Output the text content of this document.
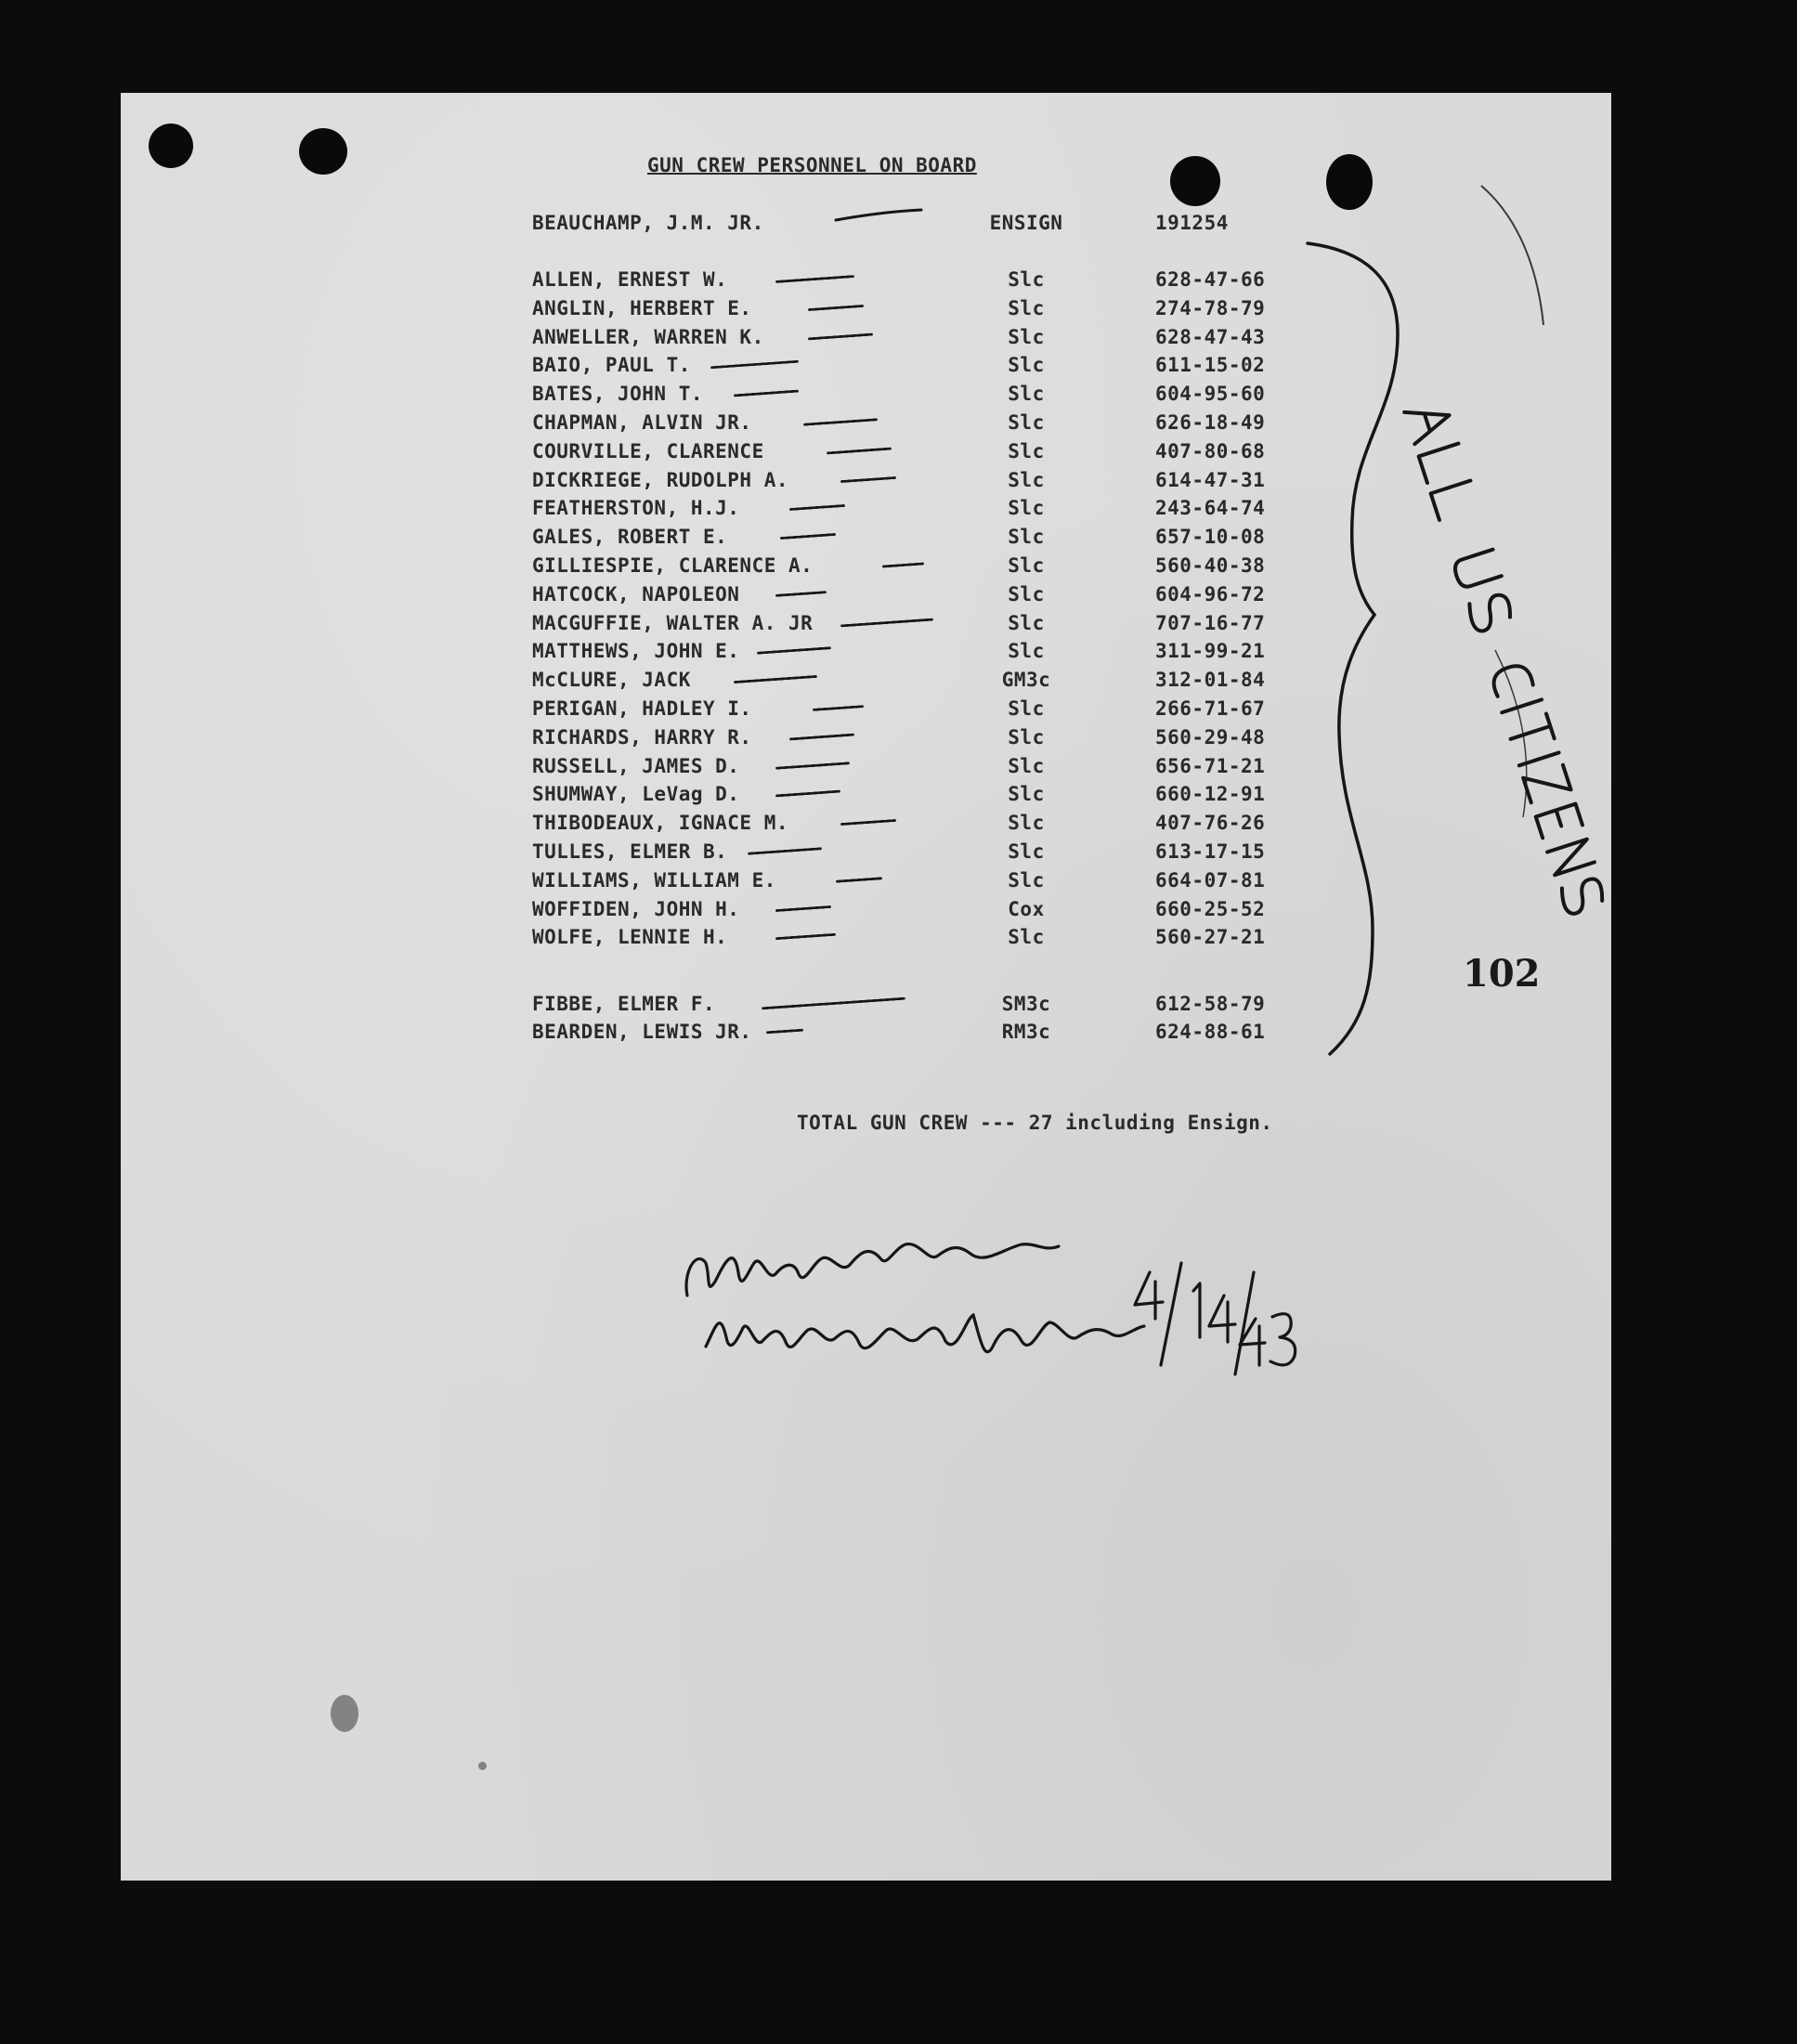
GUN CREW PERSONNEL ON BOARD
BEAUCHAMP, J.M. JR.	ENSIGN	191254
ALLEN, ERNEST W.	Slc	628-47-66
ANGLIN, HERBERT E.	Slc	274-78-79
ANWELLER, WARREN K.	Slc	628-47-43
BAIO, PAUL T.	Slc	611-15-02
BATES, JOHN T.	Slc	604-95-60
CHAPMAN, ALVIN JR.	Slc	626-18-49
COURVILLE, CLARENCE	Slc	407-80-68
DICKRIEGE, RUDOLPH A.	Slc	614-47-31
FEATHERSTON, H.J.	Slc	243-64-74
GALES, ROBERT E.	Slc	657-10-08
GILLIESPIE, CLARENCE A.	Slc	560-40-38
HATCOCK, NAPOLEON	Slc	604-96-72
MACGUFFIE, WALTER A. JR	Slc	707-16-77
MATTHEWS, JOHN E.	Slc	311-99-21
McCLURE, JACK	GM3c	312-01-84
PERIGAN, HADLEY I.	Slc	266-71-67
RICHARDS, HARRY R.	Slc	560-29-48
RUSSELL, JAMES D.	Slc	656-71-21
SHUMWAY, LeVag D.	Slc	660-12-91
THIBODEAUX, IGNACE M.	Slc	407-76-26
TULLES, ELMER B.	Slc	613-17-15
WILLIAMS, WILLIAM E.	Slc	664-07-81
WOFFIDEN, JOHN H.	Cox	660-25-52
WOLFE, LENNIE H.	Slc	560-27-21
FIBBE, ELMER F.	SM3c	612-58-79
BEARDEN, LEWIS JR.	RM3c	624-88-61
TOTAL GUN CREW --- 27 including Ensign.
102
